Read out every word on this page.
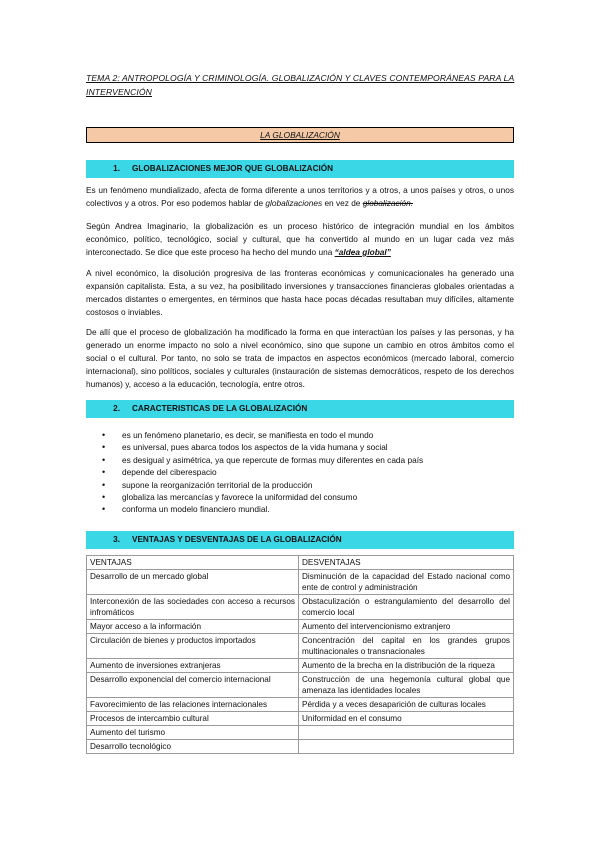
TEMA 2: ANTROPOLOGÍA Y CRIMINOLOGÍA. GLOBALIZACIÓN Y CLAVES CONTEMPORÁNEAS PARA LA INTERVENCIÓN
LA GLOBALIZACIÓN
1. GLOBALIZACIONES MEJOR QUE GLOBALIZACIÓN
Es un fenómeno mundializado, afecta de forma diferente a unos territorios y a otros, a unos países y otros, o unos colectivos y a otros. Por eso podemos hablar de globalizaciones en vez de globalización.
Según Andrea Imaginario, la globalización es un proceso histórico de integración mundial en los ámbitos económico, político, tecnológico, social y cultural, que ha convertido al mundo en un lugar cada vez más interconectado. Se dice que este proceso ha hecho del mundo una “aldea global”
A nivel económico, la disolución progresiva de las fronteras económicas y comunicacionales ha generado una expansión capitalista. Esta, a su vez, ha posibilitado inversiones y transacciones financieras globales orientadas a mercados distantes o emergentes, en términos que hasta hace pocas décadas resultaban muy difíciles, altamente costosos o inviables.
De allí que el proceso de globalización ha modificado la forma en que interactúan los países y las personas, y ha generado un enorme impacto no solo a nivel económico, sino que supone un cambio en otros ámbitos como el social o el cultural. Por tanto, no solo se trata de impactos en aspectos económicos (mercado laboral, comercio internacional), sino políticos, sociales y culturales (instauración de sistemas democráticos, respeto de los derechos humanos) y, acceso a la educación, tecnología, entre otros.
2. CARACTERISTICAS DE LA GLOBALIZACIÓN
• es un fenómeno planetario, es decir, se manifiesta en todo el mundo
• es universal, pues abarca todos los aspectos de la vida humana y social
• es desigual y asimétrica, ya que repercute de formas muy diferentes en cada país
• depende del ciberespacio
• supone la reorganización territorial de la producción
• globaliza las mercancías y favorece la uniformidad del consumo
• conforma un modelo financiero mundial.
3. VENTAJAS Y DESVENTAJAS DE LA GLOBALIZACIÓN
VENTAJAS	DESVENTAJAS
Desarrollo de un mercado global	Disminución de la capacidad del Estado nacional como ente de control y administración
Interconexión de las sociedades con acceso a recursos infromáticos	Obstaculización o estrangulamiento del desarrollo del comercio local
Mayor acceso a la información	Aumento del intervencionismo extranjero
Circulación de bienes y productos importados	Concentración del capital en los grandes grupos multinacionales o transnacionales
Aumento de inversiones extranjeras	Aumento de la brecha en la distribución de la riqueza
Desarrollo exponencial del comercio internacional	Construcción de una hegemonía cultural global que amenaza las identidades locales
Favorecimiento de las relaciones internacionales	Pérdida y a veces desaparición de culturas locales
Procesos de intercambio cultural	Uniformidad en el consumo
Aumento del turismo	
Desarrollo tecnológico	
